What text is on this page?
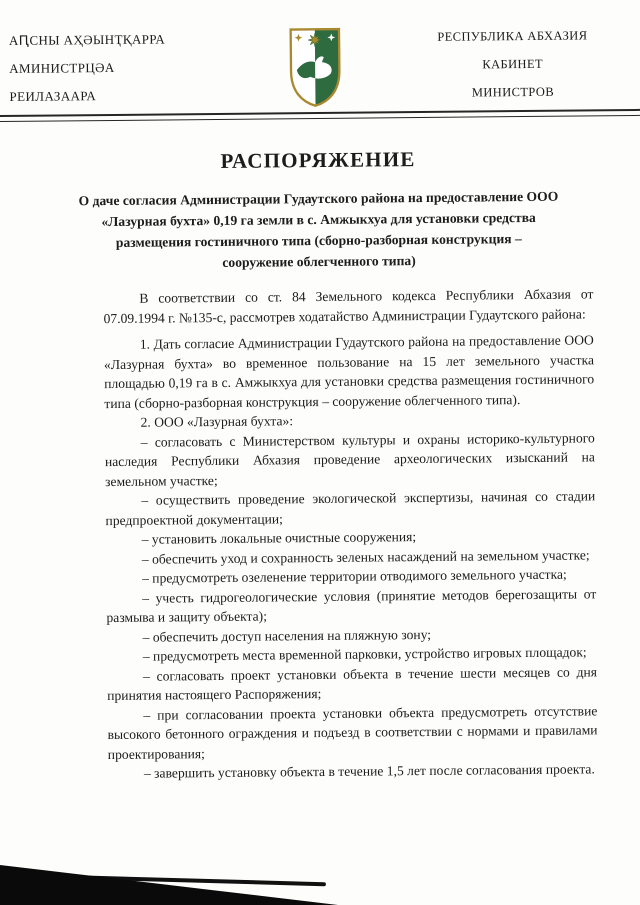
АԤСНЫ АҲӘЫНҬҚАРРА
АМИНИСТРЦӘА
РЕИЛАЗААРА
РЕСПУБЛИКА АБХАЗИЯ
КАБИНЕТ
МИНИСТРОВ
РАСПОРЯЖЕНИЕ

О даче согласия Администрации Гудаутского района на предоставление ООО «Лазурная бухта» 0,19 га земли в с. Амжыкхуа для установки средства размещения гостиничного типа (сборно-разборная конструкция – сооружение облегченного типа)

В соответствии со ст. 84 Земельного кодекса Республики Абхазия от 07.09.1994 г. №135-с, рассмотрев ходатайство Администрации Гудаутского района:

1. Дать согласие Администрации Гудаутского района на предоставление ООО «Лазурная бухта» во временное пользование на 15 лет земельного участка площадью 0,19 га в с. Амжыкхуа для установки средства размещения гостиничного типа (сборно-разборная конструкция – сооружение облегченного типа).

2. ООО «Лазурная бухта»:

– согласовать с Министерством культуры и охраны историко-культурного наследия Республики Абхазия проведение археологических изысканий на земельном участке;

– осуществить проведение экологической экспертизы, начиная со стадии предпроектной документации;

– установить локальные очистные сооружения;

– обеспечить уход и сохранность зеленых насаждений на земельном участке;

– предусмотреть озеленение территории отводимого земельного участка;

– учесть гидрогеологические условия (принятие методов берегозащиты от размыва и защиту объекта);

– обеспечить доступ населения на пляжную зону;

– предусмотреть места временной парковки, устройство игровых площадок;

– согласовать проект установки объекта в течение шести месяцев со дня принятия настоящего Распоряжения;

– при согласовании проекта установки объекта предусмотреть отсутствие высокого бетонного ограждения и подъезд в соответствии с нормами и правилами проектирования;

– завершить установку объекта в течение 1,5 лет после согласования проекта.
